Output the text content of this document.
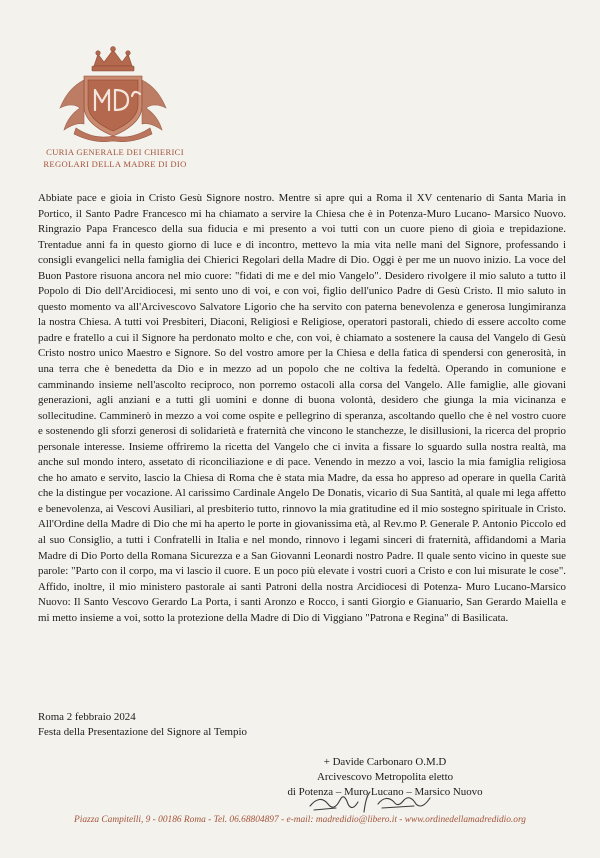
CURIA GENERALE DEI CHIERICI
REGOLARI DELLA MADRE DI DIO

Abbiate pace e gioia in Cristo Gesù Signore nostro. Mentre si apre qui a Roma il XV centenario di Santa Maria in Portico, il Santo Padre Francesco mi ha chiamato a servire la Chiesa che è in Potenza-Muro Lucano- Marsico Nuovo. Ringrazio Papa Francesco della sua fiducia e mi presento a voi tutti con un cuore pieno di gioia e trepidazione. Trentadue anni fa in questo giorno di luce e di incontro, mettevo la mia vita nelle mani del Signore, professando i consigli evangelici nella famiglia dei Chierici Regolari della Madre di Dio. Oggi è per me un nuovo inizio. La voce del Buon Pastore risuona ancora nel mio cuore: "fidati di me e del mio Vangelo". Desidero rivolgere il mio saluto a tutto il Popolo di Dio dell'Arcidiocesi, mi sento uno di voi, e con voi, figlio dell'unico Padre di Gesù Cristo. Il mio saluto in questo momento va all'Arcivescovo Salvatore Ligorio che ha servito con paterna benevolenza e generosa lungimiranza la nostra Chiesa. A tutti voi Presbiteri, Diaconi, Religiosi e Religiose, operatori pastorali, chiedo di essere accolto come padre e fratello a cui il Signore ha perdonato molto e che, con voi, è chiamato a sostenere la causa del Vangelo di Gesù Cristo nostro unico Maestro e Signore. So del vostro amore per la Chiesa e della fatica di spendersi con generosità, in una terra che è benedetta da Dio e in mezzo ad un popolo che ne coltiva la fedeltà. Operando in comunione e camminando insieme nell'ascolto reciproco, non porremo ostacoli alla corsa del Vangelo. Alle famiglie, alle giovani generazioni, agli anziani e a tutti gli uomini e donne di buona volontà, desidero che giunga la mia vicinanza e sollecitudine. Camminerò in mezzo a voi come ospite e pellegrino di speranza, ascoltando quello che è nel vostro cuore e sostenendo gli sforzi generosi di solidarietà e fraternità che vincono le stanchezze, le disillusioni, la ricerca del proprio personale interesse. Insieme offriremo la ricetta del Vangelo che ci invita a fissare lo sguardo sulla nostra realtà, ma anche sul mondo intero, assetato di riconciliazione e di pace. Venendo in mezzo a voi, lascio la mia famiglia religiosa che ho amato e servito, lascio la Chiesa di Roma che è stata mia Madre, da essa ho appreso ad operare in quella Carità che la distingue per vocazione. Al carissimo Cardinale Angelo De Donatis, vicario di Sua Santità, al quale mi lega affetto e benevolenza, ai Vescovi Ausiliari, al presbiterio tutto, rinnovo la mia gratitudine ed il mio sostegno spirituale in Cristo. All'Ordine della Madre di Dio che mi ha aperto le porte in giovanissima età, al Rev.mo P. Generale P. Antonio Piccolo ed al suo Consiglio, a tutti i Confratelli in Italia e nel mondo, rinnovo i legami sinceri di fraternità, affidandomi a Maria Madre di Dio Porto della Romana Sicurezza e a San Giovanni Leonardi nostro Padre. Il quale sento vicino in queste sue parole: "Parto con il corpo, ma vi lascio il cuore. E un poco più elevate i vostri cuori a Cristo e con lui misurate le cose". Affido, inoltre, il mio ministero pastorale ai santi Patroni della nostra Arcidiocesi di Potenza- Muro Lucano-Marsico Nuovo: Il Santo Vescovo Gerardo La Porta, i santi Aronzo e Rocco, i santi Giorgio e Gianuario, San Gerardo Maiella e mi metto insieme a voi, sotto la protezione della Madre di Dio di Viggiano "Patrona e Regina" di Basilicata.

Roma 2 febbraio 2024
Festa della Presentazione del Signore al Tempio
+ Davide Carbonaro O.M.D
Arcivescovo Metropolita eletto
di Potenza – Muro Lucano – Marsico Nuovo
Piazza Campitelli, 9 - 00186 Roma - Tel. 06.68804897 - e-mail: madredidio@libero.it - www.ordinedellamadredidio.org
